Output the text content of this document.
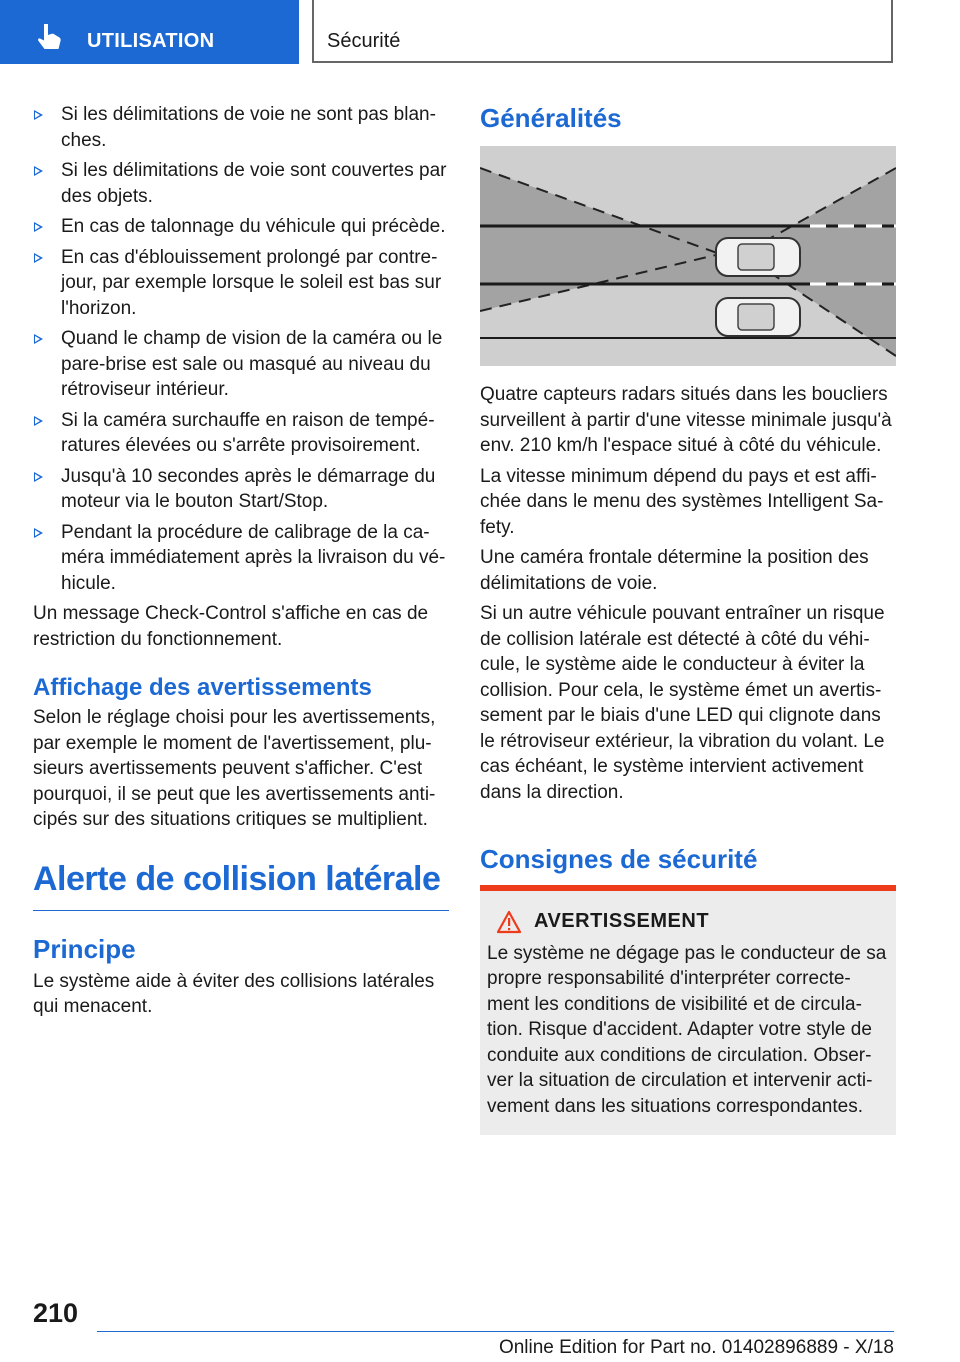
UTILISATION	Sécurité
Si les délimitations de voie ne sont pas blan‐ ches.
Si les délimitations de voie sont couvertes par des objets.
En cas de talonnage du véhicule qui précède.
En cas d'éblouissement prolongé par contre‐ jour, par exemple lorsque le soleil est bas sur l'horizon.
Quand le champ de vision de la caméra ou le pare-brise est sale ou masqué au niveau du rétroviseur intérieur.
Si la caméra surchauffe en raison de tempé‐ ratures élevées ou s'arrête provisoirement.
Jusqu'à 10 secondes après le démarrage du moteur via le bouton Start/Stop.
Pendant la procédure de calibrage de la ca‐ méra immédiatement après la livraison du vé‐ hicule.

Un message Check-Control s'affiche en cas de restriction du fonctionnement.

Affichage des avertissements

Selon le réglage choisi pour les avertissements, par exemple le moment de l'avertissement, plu‐ sieurs avertissements peuvent s'afficher. C'est pourquoi, il se peut que les avertissements anti‐ cipés sur des situations critiques se multiplient.

Alerte de collision latérale
Principe

Le système aide à éviter des collisions latérales qui menacent.

Généralités

Quatre capteurs radars situés dans les boucliers surveillent à partir d'une vitesse minimale jusqu'à env. 210 km/h l'espace situé à côté du véhicule.

La vitesse minimum dépend du pays et est affi‐ chée dans le menu des systèmes Intelligent Sa‐ fety.

Une caméra frontale détermine la position des délimitations de voie.

Si un autre véhicule pouvant entraîner un risque de collision latérale est détecté à côté du véhi‐ cule, le système aide le conducteur à éviter la collision. Pour cela, le système émet un avertis‐ sement par le biais d'une LED qui clignote dans le rétroviseur extérieur, la vibration du volant. Le cas échéant, le système intervient activement dans la direction.

Consignes de sécurité
AVERTISSEMENT
Le système ne dégage pas le conducteur de sa propre responsabilité d'interpréter correcte‐ ment les conditions de visibilité et de circula‐ tion. Risque d'accident. Adapter votre style de conduite aux conditions de circulation. Obser‐ ver la situation de circulation et intervenir acti‐ vement dans les situations correspondantes.
210
Online Edition for Part no. 01402896889 - X/18
